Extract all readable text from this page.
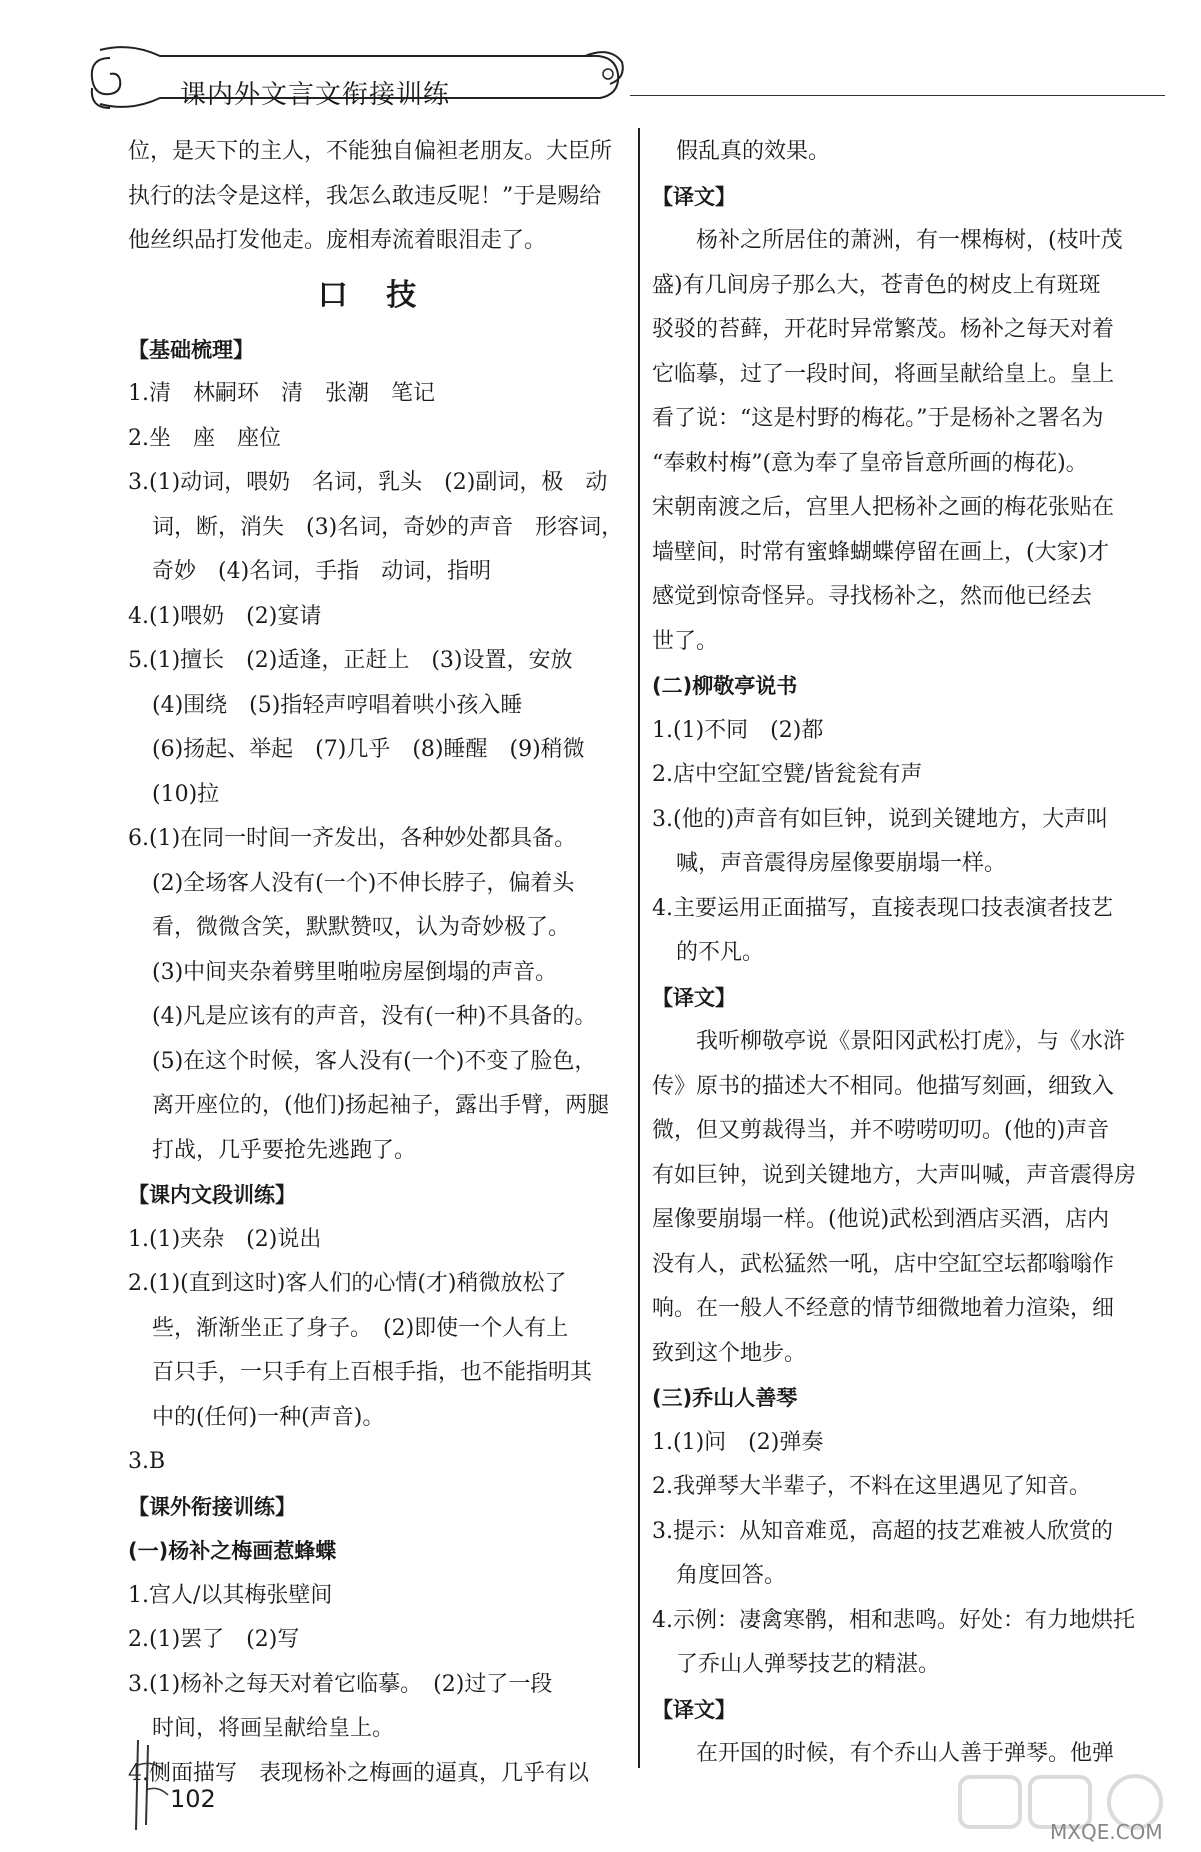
课内外文言文衔接训练
位，是天下的主人，不能独自偏袒老朋友。大臣所
执行的法令是这样，我怎么敢违反呢！”于是赐给
他丝织品打发他走。庞相寿流着眼泪走了。
口 技
【基础梳理】
1.清　林嗣环　清　张潮　笔记
2.坐　座　座位
3.(1)动词，喂奶　名词，乳头　(2)副词，极　动
词，断，消失　(3)名词，奇妙的声音　形容词，
奇妙　(4)名词，手指　动词，指明
4.(1)喂奶　(2)宴请
5.(1)擅长　(2)适逢，正赶上　(3)设置，安放
(4)围绕　(5)指轻声哼唱着哄小孩入睡
(6)扬起、举起　(7)几乎　(8)睡醒　(9)稍微
(10)拉
6.(1)在同一时间一齐发出，各种妙处都具备。
(2)全场客人没有(一个)不伸长脖子，偏着头
看，微微含笑，默默赞叹，认为奇妙极了。
(3)中间夹杂着劈里啪啦房屋倒塌的声音。
(4)凡是应该有的声音，没有(一种)不具备的。
(5)在这个时候，客人没有(一个)不变了脸色，
离开座位的，(他们)扬起袖子，露出手臂，两腿
打战，几乎要抢先逃跑了。
【课内文段训练】
1.(1)夹杂　(2)说出
2.(1)(直到这时)客人们的心情(才)稍微放松了
些，渐渐坐正了身子。　(2)即使一个人有上
百只手，一只手有上百根手指，也不能指明其
中的(任何)一种(声音)。
3.B
【课外衔接训练】
(一)杨补之梅画惹蜂蝶
1.宫人/以其梅张壁间
2.(1)罢了　(2)写
3.(1)杨补之每天对着它临摹。　(2)过了一段
时间，将画呈献给皇上。
4.侧面描写　表现杨补之梅画的逼真，几乎有以
假乱真的效果。
【译文】
杨补之所居住的萧洲，有一棵梅树，(枝叶茂
盛)有几间房子那么大，苍青色的树皮上有斑斑
驳驳的苔藓，开花时异常繁茂。杨补之每天对着
它临摹，过了一段时间，将画呈献给皇上。皇上
看了说：“这是村野的梅花。”于是杨补之署名为
“奉敕村梅”(意为奉了皇帝旨意所画的梅花)。
宋朝南渡之后，宫里人把杨补之画的梅花张贴在
墙壁间，时常有蜜蜂蝴蝶停留在画上，(大家)才
感觉到惊奇怪异。寻找杨补之，然而他已经去
世了。
(二)柳敬亭说书
1.(1)不同　(2)都
2.店中空缸空甓/皆瓮瓮有声
3.(他的)声音有如巨钟，说到关键地方，大声叫
喊，声音震得房屋像要崩塌一样。
4.主要运用正面描写，直接表现口技表演者技艺
的不凡。
【译文】
我听柳敬亭说《景阳冈武松打虎》，与《水浒
传》原书的描述大不相同。他描写刻画，细致入
微，但又剪裁得当，并不唠唠叨叨。(他的)声音
有如巨钟，说到关键地方，大声叫喊，声音震得房
屋像要崩塌一样。(他说)武松到酒店买酒，店内
没有人，武松猛然一吼，店中空缸空坛都嗡嗡作
响。在一般人不经意的情节细微地着力渲染，细
致到这个地步。
(三)乔山人善琴
1.(1)问　(2)弹奏
2.我弹琴大半辈子，不料在这里遇见了知音。
3.提示：从知音难觅，高超的技艺难被人欣赏的
角度回答。
4.示例：凄禽寒鹘，相和悲鸣。好处：有力地烘托
了乔山人弹琴技艺的精湛。
【译文】
在开国的时候，有个乔山人善于弹琴。他弹
102
MXQE.COM
